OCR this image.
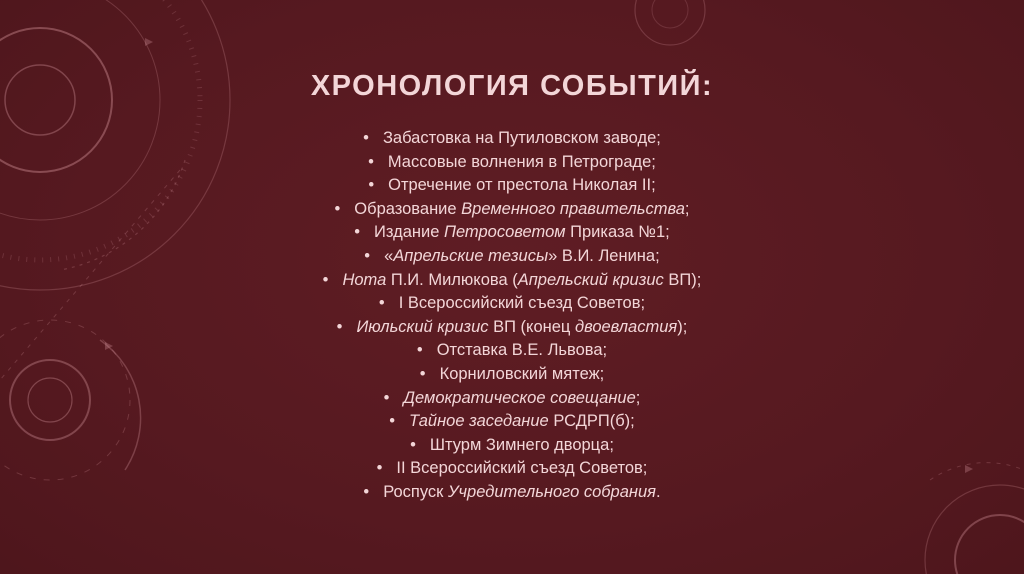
ХРОНОЛОГИЯ СОБЫТИЙ:
• Забастовка на Путиловском заводе;
• Массовые волнения в Петрограде;
• Отречение от престола Николая II;
• Образование Временного правительства;
• Издание Петросоветом Приказа №1;
• «Апрельские тезисы» В.И. Ленина;
• Нота П.И. Милюкова (Апрельский кризис ВП);
• I Всероссийский съезд Советов;
• Июльский кризис ВП (конец двоевластия);
• Отставка В.Е. Львова;
• Корниловский мятеж;
• Демократическое совещание;
• Тайное заседание РСДРП(б);
• Штурм Зимнего дворца;
• II Всероссийский съезд Советов;
• Роспуск Учредительного собрания.
